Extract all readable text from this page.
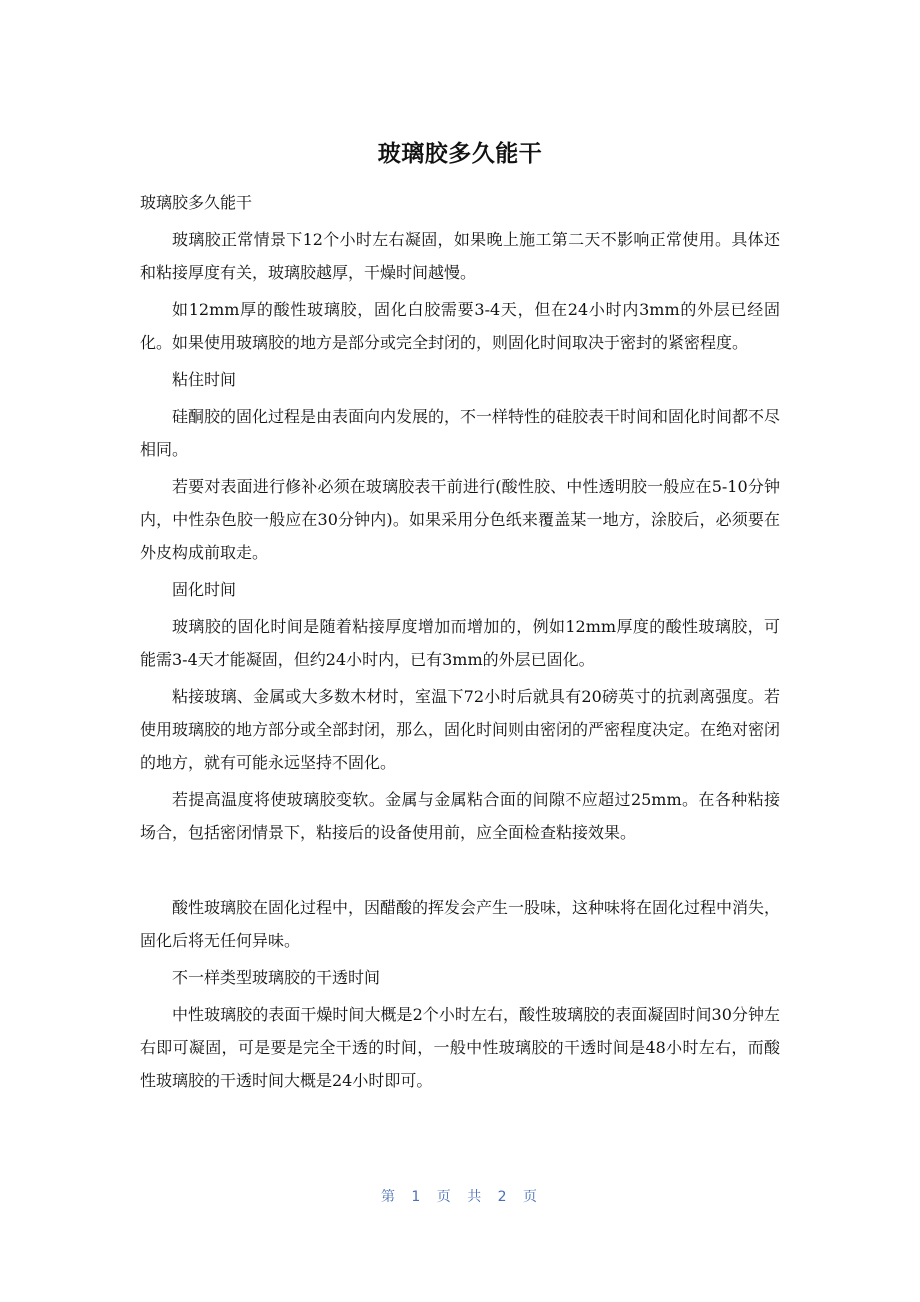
玻璃胶多久能干

玻璃胶多久能干

玻璃胶正常情景下12个小时左右凝固，如果晚上施工第二天不影响正常使用。具体还和粘接厚度有关，玻璃胶越厚，干燥时间越慢。

如12mm厚的酸性玻璃胶，固化白胶需要3-4天，但在24小时内3mm的外层已经固化。如果使用玻璃胶的地方是部分或完全封闭的，则固化时间取决于密封的紧密程度。

粘住时间

硅酮胶的固化过程是由表面向内发展的，不一样特性的硅胶表干时间和固化时间都不尽相同。

若要对表面进行修补必须在玻璃胶表干前进行(酸性胶、中性透明胶一般应在5-10分钟内，中性杂色胶一般应在30分钟内)。如果采用分色纸来覆盖某一地方，涂胶后，必须要在外皮构成前取走。

固化时间

玻璃胶的固化时间是随着粘接厚度增加而增加的，例如12mm厚度的酸性玻璃胶，可能需3-4天才能凝固，但约24小时内，已有3mm的外层已固化。

粘接玻璃、金属或大多数木材时，室温下72小时后就具有20磅英寸的抗剥离强度。若使用玻璃胶的地方部分或全部封闭，那么，固化时间则由密闭的严密程度决定。在绝对密闭的地方，就有可能永远坚持不固化。

若提高温度将使玻璃胶变软。金属与金属粘合面的间隙不应超过25mm。在各种粘接场合，包括密闭情景下，粘接后的设备使用前，应全面检查粘接效果。

酸性玻璃胶在固化过程中，因醋酸的挥发会产生一股味，这种味将在固化过程中消失，固化后将无任何异味。

不一样类型玻璃胶的干透时间

中性玻璃胶的表面干燥时间大概是2个小时左右，酸性玻璃胶的表面凝固时间30分钟左右即可凝固，可是要是完全干透的时间，一般中性玻璃胶的干透时间是48小时左右，而酸性玻璃胶的干透时间大概是24小时即可。

第 1 页 共 2 页
